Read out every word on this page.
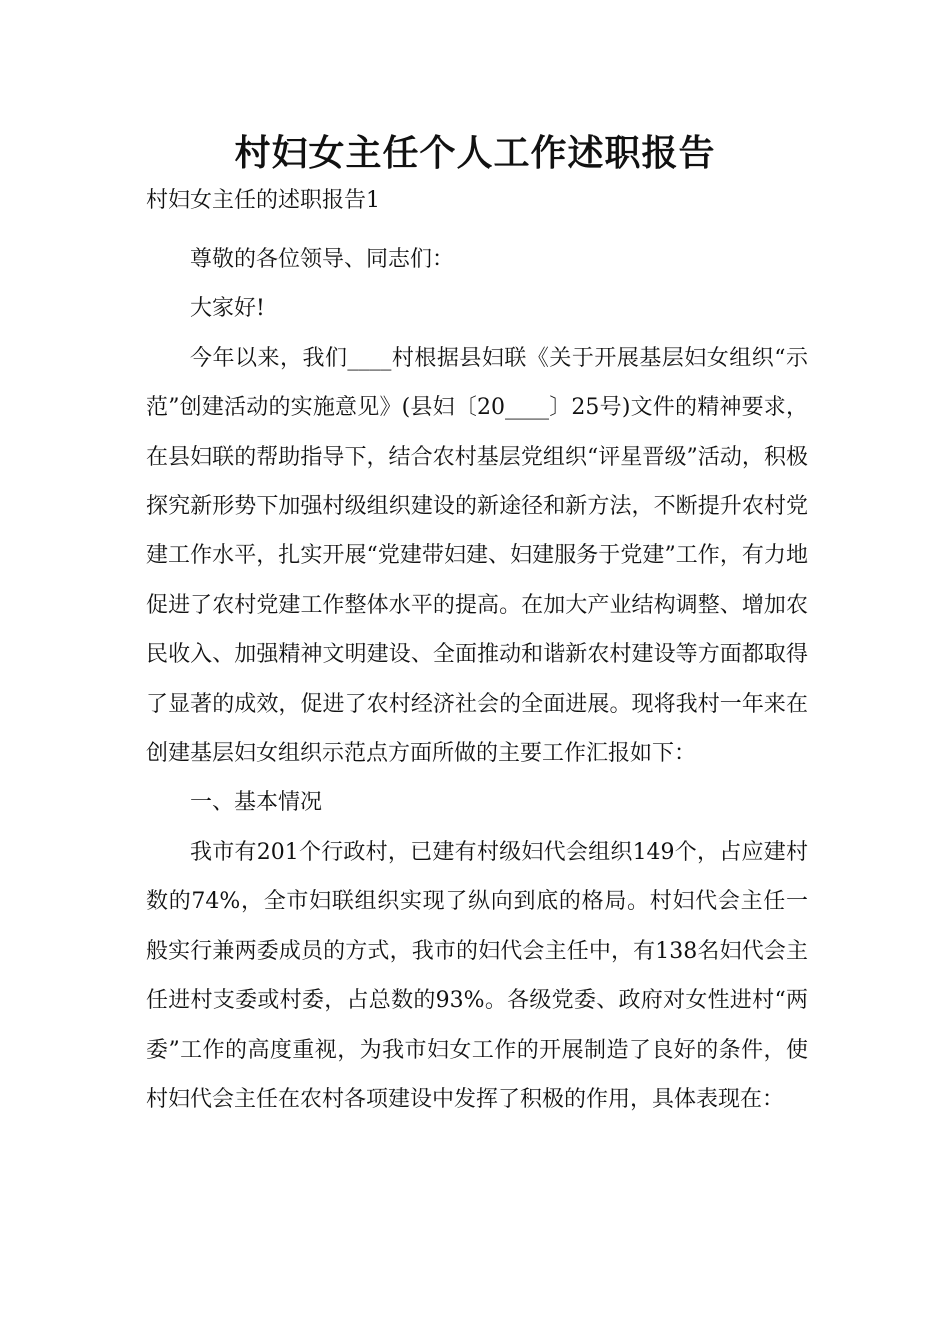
村妇女主任个人工作述职报告
村妇女主任的述职报告1

尊敬的各位领导、同志们：

大家好!

今年以来，我们____村根据县妇联《关于开展基层妇女组织“示范”创建活动的实施意见》(县妇〔20____〕25号)文件的精神要求，在县妇联的帮助指导下，结合农村基层党组织“评星晋级”活动，积极探究新形势下加强村级组织建设的新途径和新方法，不断提升农村党建工作水平，扎实开展“党建带妇建、妇建服务于党建”工作，有力地促进了农村党建工作整体水平的提高。在加大产业结构调整、增加农民收入、加强精神文明建设、全面推动和谐新农村建设等方面都取得了显著的成效，促进了农村经济社会的全面进展。现将我村一年来在创建基层妇女组织示范点方面所做的主要工作汇报如下：

一、基本情况

我市有201个行政村，已建有村级妇代会组织149个，占应建村数的74%，全市妇联组织实现了纵向到底的格局。村妇代会主任一般实行兼两委成员的方式，我市的妇代会主任中，有138名妇代会主任进村支委或村委，占总数的93%。各级党委、政府对女性进村“两委”工作的高度重视，为我市妇女工作的开展制造了良好的条件，使村妇代会主任在农村各项建设中发挥了积极的作用，具体表现在：
